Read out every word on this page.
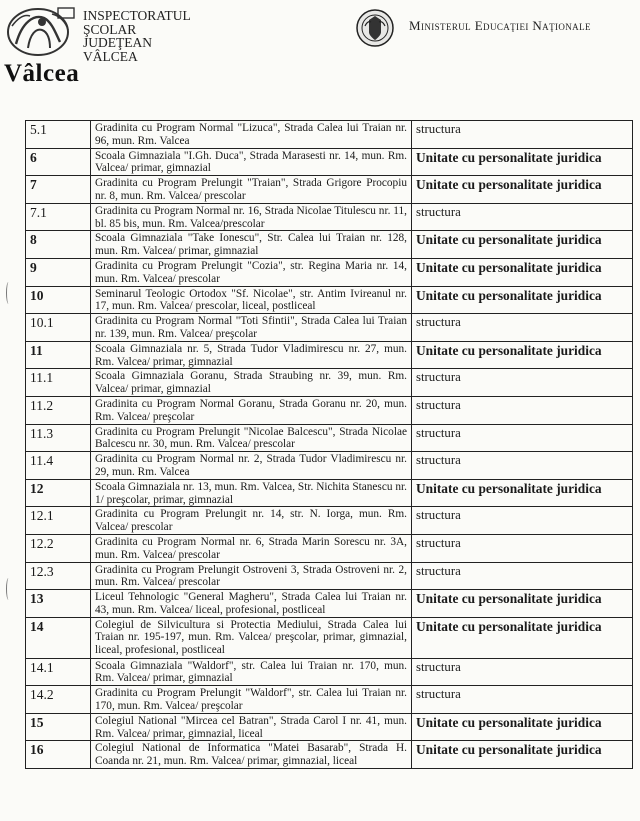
Vâlcea
INSPECTORATUL
ŞCOLAR
JUDEŢEAN
VÂLCEA
Ministerul Educaţiei Naţionale
5.1	Gradinita cu Program Normal "Lizuca", Strada Calea lui Traian nr. 96, mun. Rm. Valcea	structura
6	Scoala Gimnaziala "I.Gh. Duca", Strada Marasesti nr. 14, mun. Rm. Valcea/ primar, gimnazial	Unitate cu personalitate juridica
7	Gradinita cu Program Prelungit "Traian", Strada Grigore Procopiu nr. 8, mun. Rm. Valcea/ prescolar	Unitate cu personalitate juridica
7.1	Gradinita cu Program Normal nr. 16, Strada Nicolae Titulescu nr. 11, bl. 85 bis, mun. Rm. Valcea/prescolar	structura
8	Scoala Gimnaziala "Take Ionescu", Str. Calea lui Traian nr. 128, mun. Rm. Valcea/ primar, gimnazial	Unitate cu personalitate juridica
9	Gradinita cu Program Prelungit "Cozia", str. Regina Maria nr. 14, mun. Rm. Valcea/ prescolar	Unitate cu personalitate juridica
10	Seminarul Teologic Ortodox "Sf. Nicolae", str. Antim Ivireanul nr. 17, mun. Rm. Valcea/ prescolar, liceal, postliceal	Unitate cu personalitate juridica
10.1	Gradinita cu Program Normal "Toti Sfintii", Strada Calea lui Traian nr. 139, mun. Rm. Valcea/ preşcolar	structura
11	Scoala Gimnaziala nr. 5, Strada Tudor Vladimirescu nr. 27, mun. Rm. Valcea/ primar, gimnazial	Unitate cu personalitate juridica
11.1	Scoala Gimnaziala Goranu, Strada Straubing nr. 39, mun. Rm. Valcea/ primar, gimnazial	structura
11.2	Gradinita cu Program Normal Goranu, Strada Goranu nr. 20, mun. Rm. Valcea/ preşcolar	structura
11.3	Gradinita cu Program Prelungit "Nicolae Balcescu", Strada Nicolae Balcescu nr. 30, mun. Rm. Valcea/ prescolar	structura
11.4	Gradinita cu Program Normal nr. 2, Strada Tudor Vladimirescu nr. 29, mun. Rm. Valcea	structura
12	Scoala Gimnaziala nr. 13, mun. Rm. Valcea, Str. Nichita Stanescu nr. 1/ preşcolar, primar, gimnazial	Unitate cu personalitate juridica
12.1	Gradinita cu Program Prelungit nr. 14, str. N. Iorga, mun. Rm. Valcea/ prescolar	structura
12.2	Gradinita cu Program Normal nr. 6, Strada Marin Sorescu nr. 3A, mun. Rm. Valcea/ prescolar	structura
12.3	Gradinita cu Program Prelungit Ostroveni 3, Strada Ostroveni nr. 2, mun. Rm. Valcea/ prescolar	structura
13	Liceul Tehnologic "General Magheru", Strada Calea lui Traian nr. 43, mun. Rm. Valcea/ liceal, profesional, postliceal	Unitate cu personalitate juridica
14	Colegiul de Silvicultura si Protectia Mediului, Strada Calea lui Traian nr. 195-197, mun. Rm. Valcea/ preşcolar, primar, gimnazial, liceal, profesional, postliceal	Unitate cu personalitate juridica
14.1	Scoala Gimnaziala "Waldorf", str. Calea lui Traian nr. 170, mun. Rm. Valcea/ primar, gimnazial	structura
14.2	Gradinita cu Program Prelungit "Waldorf", str. Calea lui Traian nr. 170, mun. Rm. Valcea/ preşcolar	structura
15	Colegiul National "Mircea cel Batran", Strada Carol I nr. 41, mun. Rm. Valcea/ primar, gimnazial, liceal	Unitate cu personalitate juridica
16	Colegiul National de Informatica "Matei Basarab", Strada H. Coanda nr. 21, mun. Rm. Valcea/ primar, gimnazial, liceal	Unitate cu personalitate juridica
